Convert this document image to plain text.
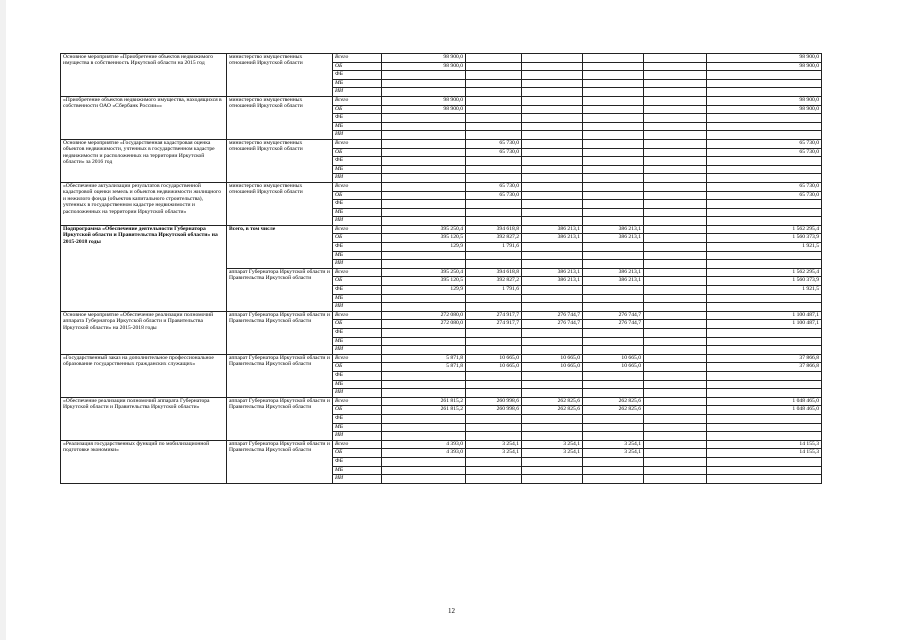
Основное мероприятие «Приобретение объектов недвижимого имущества в собственность Иркутской области на 2015 год	министерство имущественных отношений Иркутской области	Всего	98 900,0					98 900,0
		ОБ	98 900,0					98 900,0
		ФБ						
		МБ						
		ИИ						
«Приобретение объектов недвижимого имущества, находящихся в собственности ОАО «Сбербанк России»»	министерство имущественных отношений Иркутской области	Всего	98 900,0					98 900,0
		ОБ	98 900,0					98 900,0
		ФБ						
		МБ						
		ИИ						
Основное мероприятие «Государственная кадастровая оценка объектов недвижимости, учтенных в государственном кадастре недвижимости и расположенных на территории Иркутской области» за 2016 год	министерство имущественных отношений Иркутской области	Всего		65 730,0				65 730,0
		ОБ		65 730,0				65 730,0
		ФБ						
		МБ						
		ИИ						
«Обеспечение актуализации результатов государственной кадастровой оценки земель и объектов недвижимости жилищного и нежилого фонда (объектов капитального строительства), учтенных в государственном кадастре недвижимости и расположенных на территории Иркутской области»	министерство имущественных отношений Иркутской области	Всего		65 730,0				65 730,0
		ОБ		65 730,0				65 730,0
		ФБ						
		МБ						
		ИИ						
Подпрограмма «Обеспечение деятельности Губернатора Иркутской области и Правительства Иркутской области» на 2015-2018 годы	Всего, в том числе	Всего	395 250,4	394 618,8	386 213,1	386 213,1		1 562 295,4
		ОБ	395 120,5	392 827,2	386 213,1	386 213,1		1 560 373,9
		ФБ	129,9	1 791,6				1 921,5
		МБ						
		ИИ						
	аппарат Губернатора Иркутской области и Правительства Иркутской области	Всего	395 250,4	394 618,8	386 213,1	386 213,1		1 562 295,4
		ОБ	395 120,5	392 827,2	386 213,1	386 213,1		1 560 373,9
		ФБ	129,9	1 791,6				1 921,5
		МБ						
		ИИ						
Основное мероприятие «Обеспечение реализации полномочий аппарата Губернатора Иркутской области и Правительства Иркутской области» на 2015-2018 годы	аппарат Губернатора Иркутской области и Правительства Иркутской области	Всего	272 080,0	274 917,7	276 744,7	276 744,7		1 100 487,1
		ОБ	272 080,0	274 917,7	276 744,7	276 744,7		1 100 487,1
		ФБ						
		МБ						
		ИИ						
«Государственный заказ на дополнительное профессиональное образование государственных гражданских служащих»	аппарат Губернатора Иркутской области и Правительства Иркутской области	Всего	5 871,8	10 665,0	10 665,0	10 665,0		37 866,8
		ОБ	5 871,8	10 665,0	10 665,0	10 665,0		37 866,8
		ФБ						
		МБ						
		ИИ						
«Обеспечение реализации полномочий аппарата Губернатора Иркутской области и Правительства Иркутской области»	аппарат Губернатора Иркутской области и Правительства Иркутской области	Всего	261 815,2	260 998,6	262 825,6	262 825,6		1 048 465,0
		ОБ	261 815,2	260 998,6	262 825,6	262 825,6		1 048 465,0
		ФБ						
		МБ						
		ИИ						
«Реализация государственных функций по мобилизационной подготовке экономики»	аппарат Губернатора Иркутской области и Правительства Иркутской области	Всего	4 393,0	3 254,1	3 254,1	3 254,1		14 155,3
		ОБ	4 393,0	3 254,1	3 254,1	3 254,1		14 155,3
		ФБ						
		МБ						
		ИИ						
12
